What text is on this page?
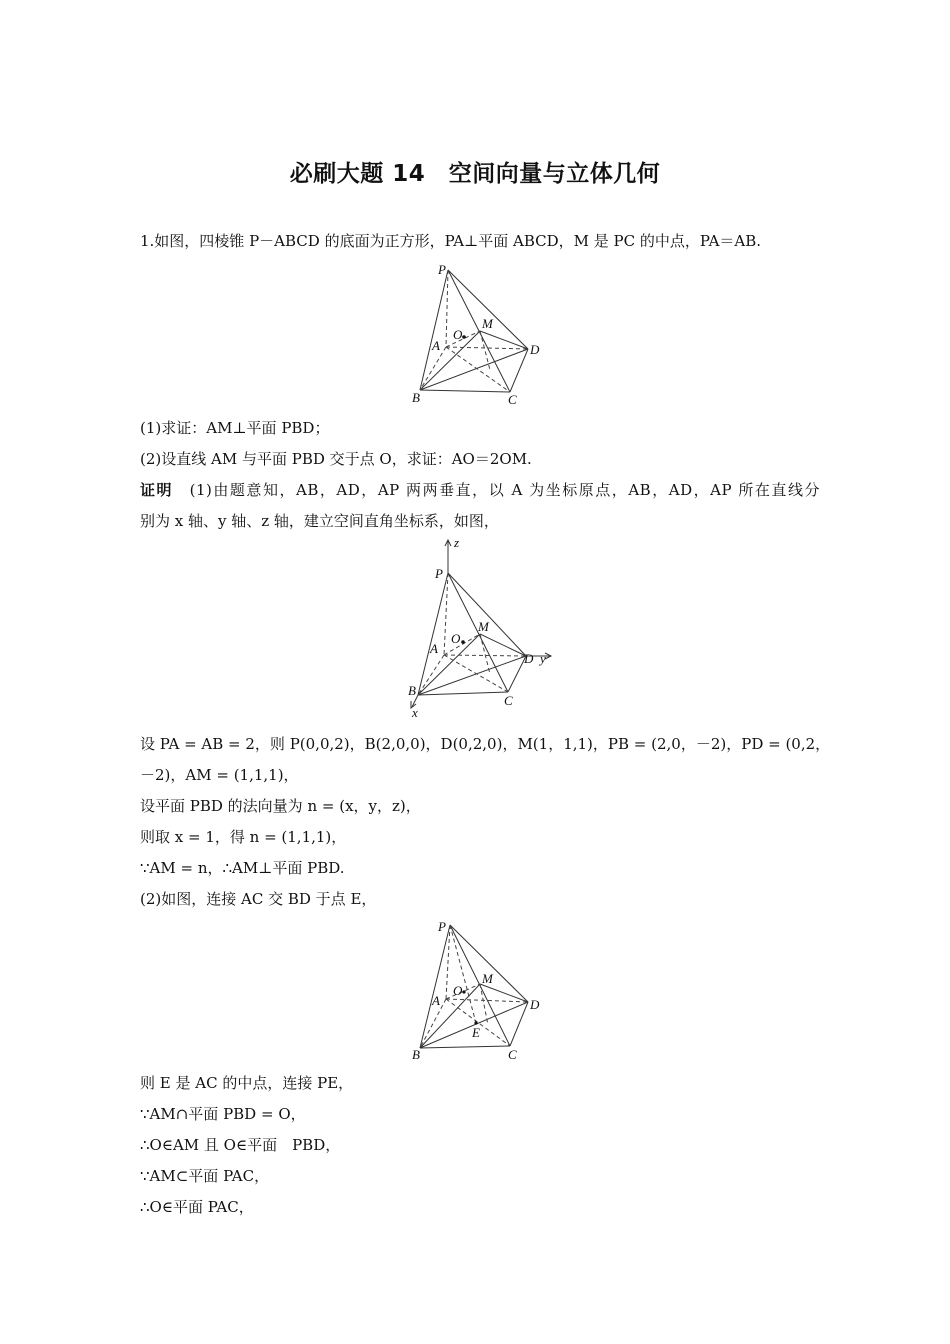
必刷大题 14　空间向量与立体几何
1.如图，四棱锥 P－ABCD 的底面为正方形，PA⊥平面 ABCD，M 是 PC 的中点，PA＝AB.
P
A
B	C
D
M
O
(1)求证：AM⊥平面 PBD；
(2)设直线 AM 与平面 PBD 交于点 O，求证：AO＝2OM.
证明　(1)由题意知，AB，AD，AP 两两垂直，以 A 为坐标原点，AB，AD，AP 所在直线分
别为 x 轴、y 轴、z 轴，建立空间直角坐标系，如图，
z
y
x
P
A
B
C
D
M
O
设 PA = AB = 2，则 P(0,0,2)，B(2,0,0)，D(0,2,0)，M(1，1,1)，PB = (2,0，－2)，PD = (0,2，
－2)，AM = (1,1,1)，
设平面 PBD 的法向量为 n = (x，y，z)，
则取 x = 1，得 n = (1,1,1)，
∵AM = n，∴AM⊥平面 PBD.
(2)如图，连接 AC 交 BD 于点 E，
P
A
B	C
D
M
O
E
则 E 是 AC 的中点，连接 PE，
∵AM∩平面 PBD = O，
∴O∈AM 且 O∈平面　PBD，
∵AM⊂平面 PAC，
∴O∈平面 PAC，
